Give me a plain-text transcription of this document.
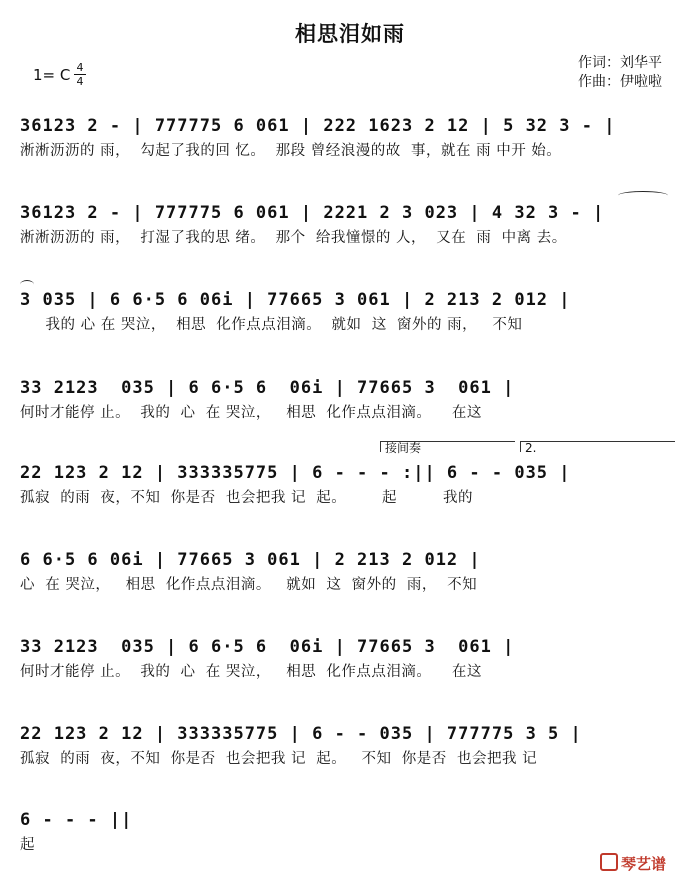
相思泪如雨
1= C 4
4
作词：刘华平
作曲：伊啦啦
36123 2 - | 777775 6 061 | 222 1623 2 12 | 5 32 3 - |
淅淅沥沥的 雨，  勾起了我的回 忆。  那段 曾经浪漫的故  事，就在 雨 中开 始。
36123 2 - | 777775 6 061 | 2221 2 3 023 | 4 32 3 - |
淅淅沥沥的 雨，  打湿了我的思 绪。  那个  给我憧憬的 人，  又在  雨  中离 去。
3 035 | 6 6·5 6 06i | 77665 3 061 | 2 213 2 012 |
我的 心 在 哭泣，  相思  化作点点泪滴。  就如  这  窗外的 雨，   不知
33 2123  035 | 6 6·5 6  06i | 77665 3  061 |
何时才能停 止。  我的  心  在 哭泣，   相思  化作点点泪滴。    在这
接间奏	2.
22 123 2 12 | 333335775 | 6 - - - :|| 6 - - 035 |
孤寂  的雨  夜，不知  你是否  也会把我 记  起。       起         我的
6 6·5 6 06i | 77665 3 061 | 2 213 2 012 |
心  在 哭泣，   相思  化作点点泪滴。   就如  这  窗外的  雨，  不知
33 2123  035 | 6 6·5 6  06i | 77665 3  061 |
何时才能停 止。  我的  心  在 哭泣，   相思  化作点点泪滴。    在这
22 123 2 12 | 333335775 | 6 - - 035 | 777775 3 5 |
孤寂  的雨  夜，不知  你是否  也会把我 记  起。   不知  你是否  也会把我 记
6 - - - ||
起
琴艺谱
